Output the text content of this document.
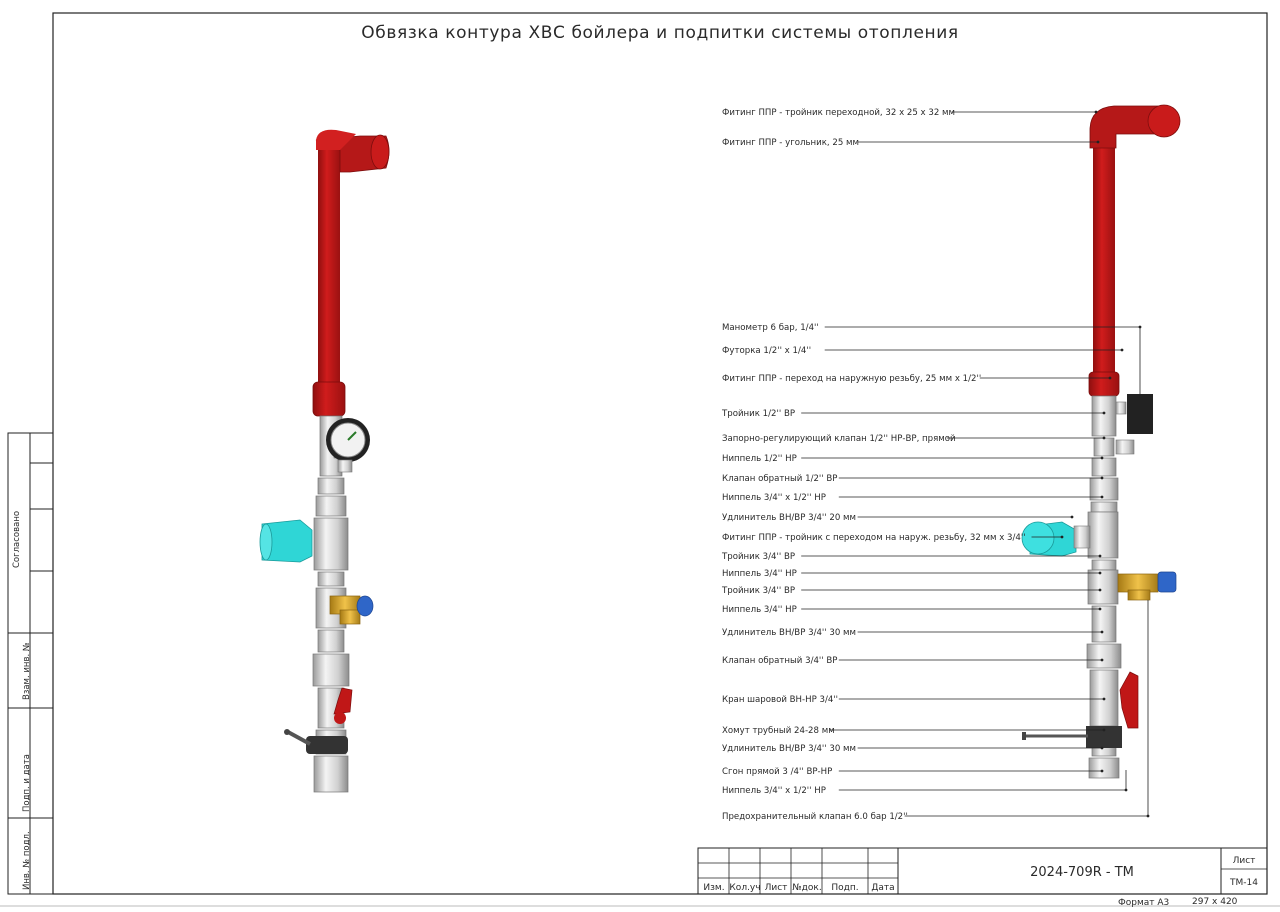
Обвязка контура ХВС бойлера и подпитки системы отопления
Согласовано
Взам. инв. №
Подп. и дата
Инв. № подл.
Фитинг ППР - тройник переходной, 32 x 25 x 32 мм
Фитинг ППР - угольник, 25 мм
Манометр 6 бар, 1/4''
Футорка 1/2'' x 1/4''
Фитинг ППР - переход на наружную резьбу, 25 мм x 1/2''
Тройник 1/2'' ВР
Запорно-регулирующий клапан 1/2'' НР-ВР, прямой
Ниппель 1/2'' НР
Клапан обратный 1/2'' ВР
Ниппель 3/4'' x 1/2'' НР
Удлинитель ВН/ВР 3/4'' 20 мм
Фитинг ППР - тройник с переходом на наруж. резьбу, 32 мм x 3/4''
Тройник 3/4'' ВР
Ниппель 3/4'' НР
Тройник 3/4'' ВР
Ниппель 3/4'' НР
Удлинитель ВН/ВР 3/4'' 30 мм
Клапан обратный 3/4'' ВР
Кран шаровой ВН-НР 3/4''
Хомут трубный 24-28 мм
Удлинитель ВН/ВР 3/4'' 30 мм
Сгон прямой 3 /4'' ВР-НР
Ниппель 3/4'' x 1/2'' НР
Предохранительный клапан 6.0 бар 1/2''
Изм. Кол.уч Лист №док. Подп. Дата
2024-709R - ТМ
Лист
ТМ-14
Формат А3	297 x 420
